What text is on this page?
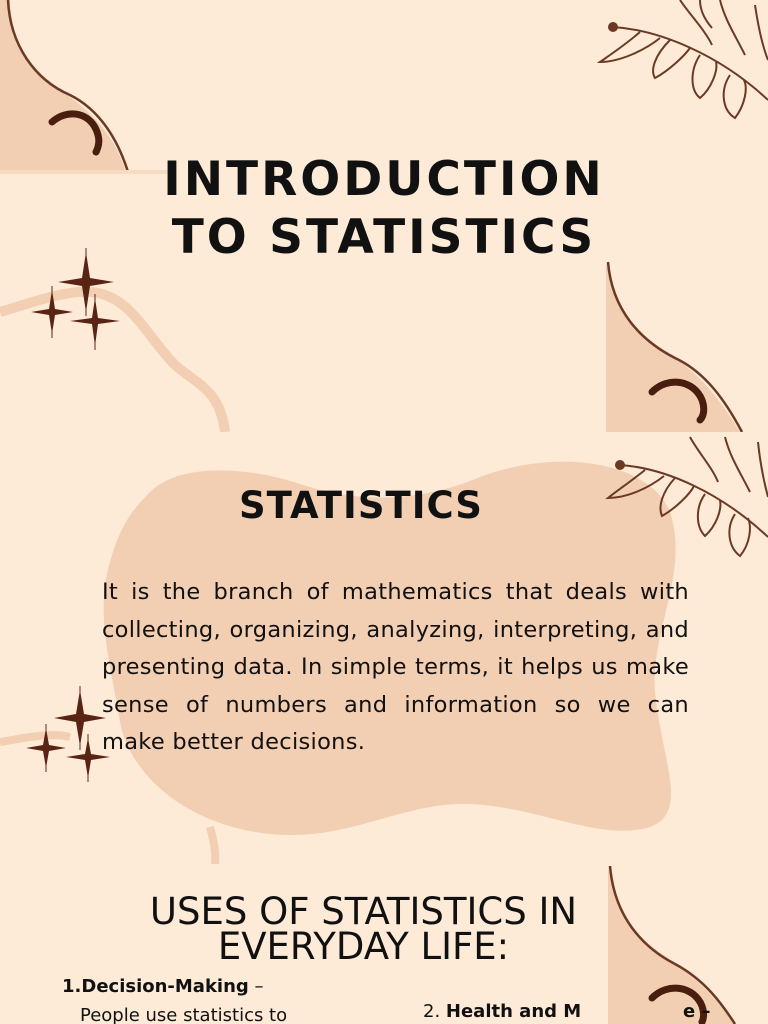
INTRODUCTION
TO STATISTICS
STATISTICS
It is the branch of mathematics that deals with collecting, organizing, analyzing, interpreting, and presenting data. In simple terms, it helps us make sense of numbers and information so we can make better decisions.
USES OF STATISTICS IN
EVERYDAY LIFE:
1.Decision-Making –
People use statistics to	2. Health and M	e –
